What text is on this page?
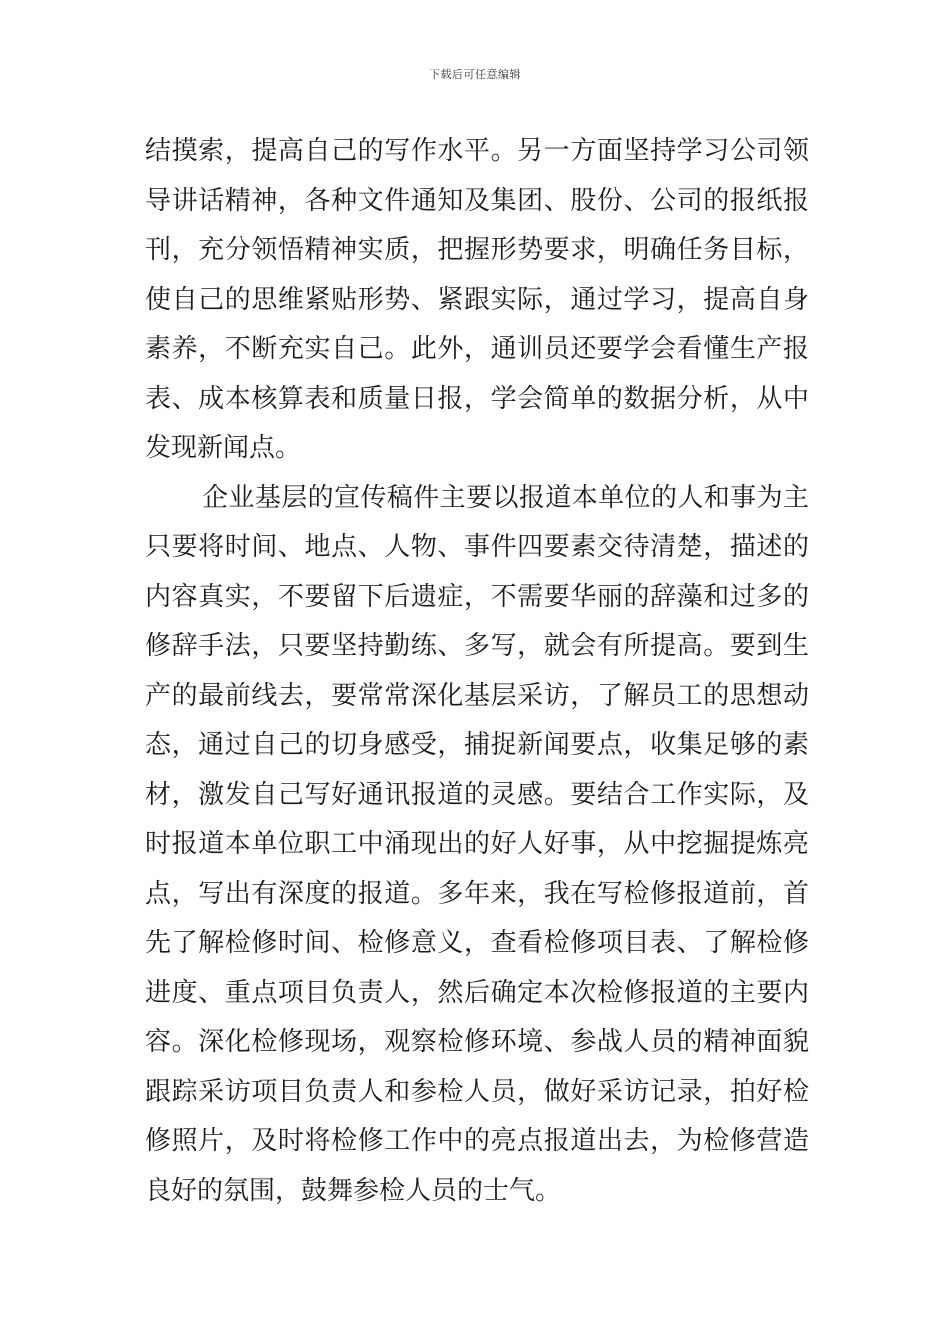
下载后可任意编辑
结摸索，提高自己的写作水平。另一方面坚持学习公司领
导讲话精神，各种文件通知及集团、股份、公司的报纸报
刊，充分领悟精神实质，把握形势要求，明确任务目标，
使自己的思维紧贴形势、紧跟实际，通过学习，提高自身
素养，不断充实自己。此外，通训员还要学会看懂生产报
表、成本核算表和质量日报，学会简单的数据分析，从中
发现新闻点。
企业基层的宣传稿件主要以报道本单位的人和事为主
只要将时间、地点、人物、事件四要素交待清楚，描述的
内容真实，不要留下后遗症，不需要华丽的辞藻和过多的
修辞手法，只要坚持勤练、多写，就会有所提高。要到生
产的最前线去，要常常深化基层采访，了解员工的思想动
态，通过自己的切身感受，捕捉新闻要点，收集足够的素
材，激发自己写好通讯报道的灵感。要结合工作实际，及
时报道本单位职工中涌现出的好人好事，从中挖掘提炼亮
点，写出有深度的报道。多年来，我在写检修报道前，首
先了解检修时间、检修意义，查看检修项目表、了解检修
进度、重点项目负责人，然后确定本次检修报道的主要内
容。深化检修现场，观察检修环境、参战人员的精神面貌
跟踪采访项目负责人和参检人员，做好采访记录，拍好检
修照片，及时将检修工作中的亮点报道出去，为检修营造
良好的氛围，鼓舞参检人员的士气。
